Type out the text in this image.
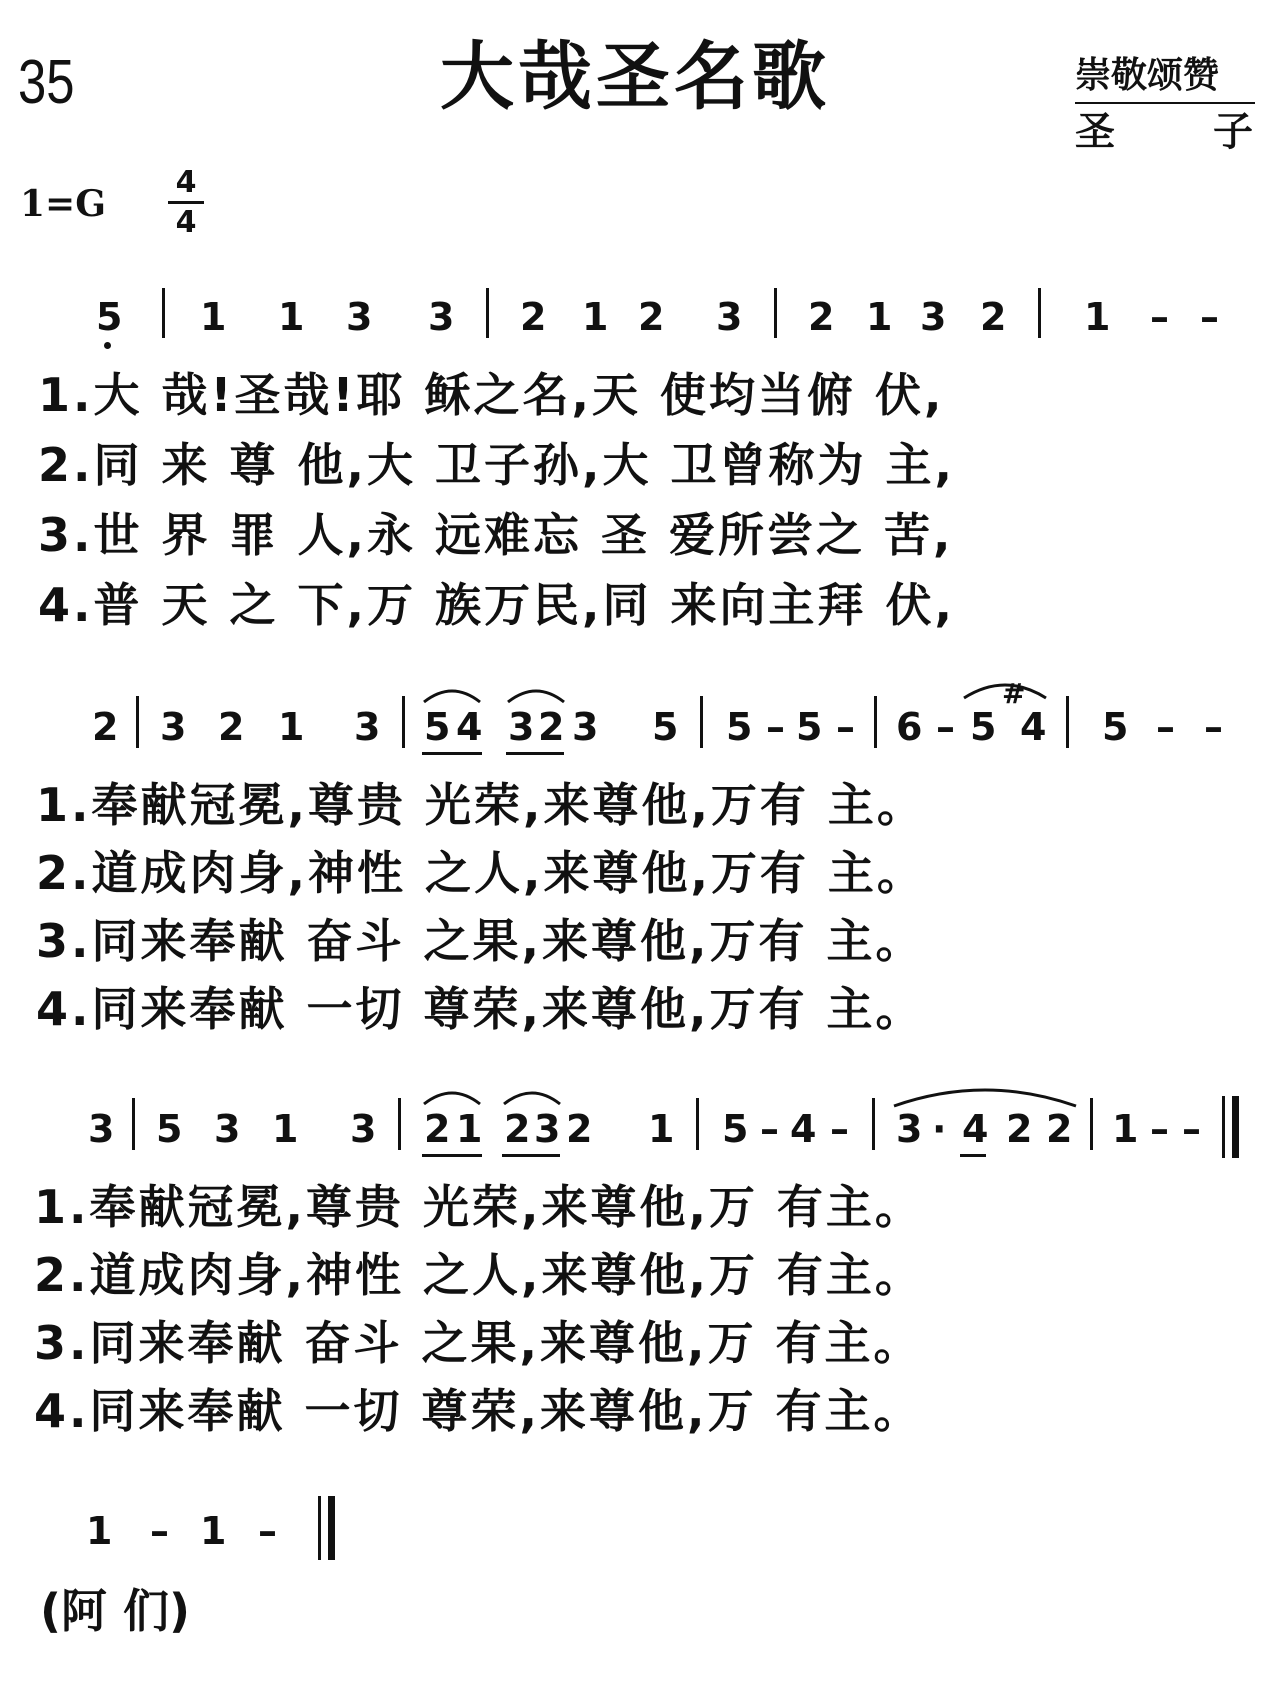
35	大哉圣名歌	崇敬颂赞
圣 子
1=G
4
4
5 1 1 3 3 2 1 2 3 2 1 3 2 1 – –
1.大 哉!圣哉!耶 稣之名,天 使均当俯 伏,
2.同 来 尊 他,大 卫子孙,大 卫曾称为 主,
3.世 界 罪 人,永 远难忘 圣 爱所尝之 苦,
4.普 天 之 下,万 族万民,同 来向主拜 伏,
2 3 2 1 3 5 4 3 2 3 5 5 – 5 – 6 – 5
#
4 5 – –
1.奉献冠冕,尊贵 光荣,来尊他,万有 主。
2.道成肉身,神性 之人,来尊他,万有 主。
3.同来奉献 奋斗 之果,来尊他,万有 主。
4.同来奉献 一切 尊荣,来尊他,万有 主。
3 5 3 1 3 2 1 2 3 2 1 5 – 4 – 3 · 4 2 2 1 – –
1.奉献冠冕,尊贵 光荣,来尊他,万 有主。
2.道成肉身,神性 之人,来尊他,万 有主。
3.同来奉献 奋斗 之果,来尊他,万 有主。
4.同来奉献 一切 尊荣,来尊他,万 有主。
1 – 1 –
(阿 们)
